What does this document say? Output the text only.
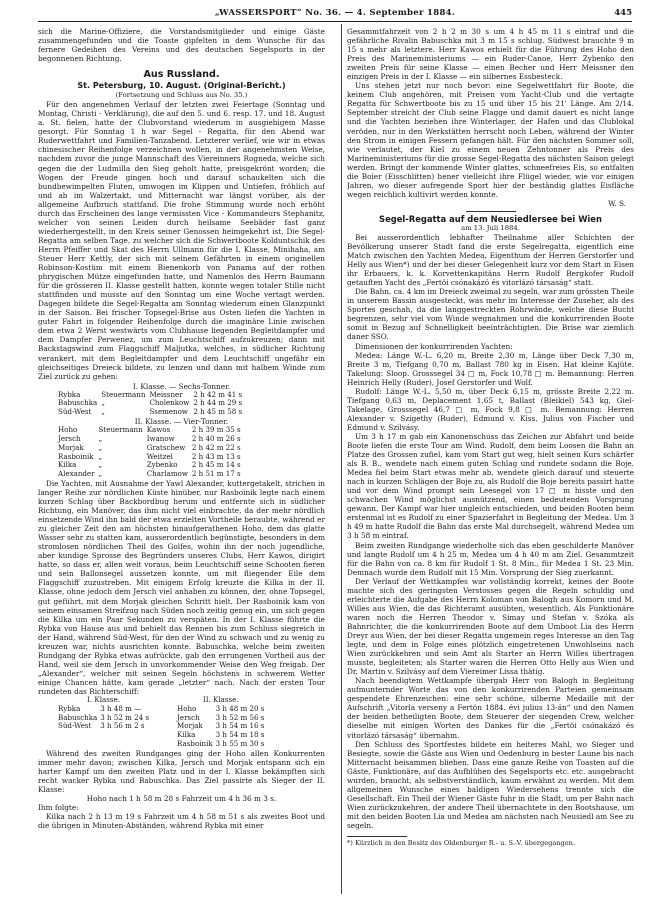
„WASSERSPORT“ No. 36. — 4. September 1884.	445

sich die Marine-Offiziere, die Vorstandsmitglieder und einige Gäste zusammengefunden und die Toaste gipfelten in dem Wunsche für das fernere Gedeihen des Vereins und des deutschen Segelsports in der begonnenen Richtung.

Aus Russland.
St. Petersburg, 10. August. (Original-Bericht.)
(Fortsetzung und Schluss aus No. 35.)

Für den angenehmen Verlauf der letzten zwei Feiertage (Sonntag und Montag, Christi - Verklärung), die auf den 5. und 6. resp. 17. und 18. August a. St. fielen, hatte der Clubvorstand wiederum in ausgiebigem Masse gesorgt. Für Sonntag 1 h war Segel - Regatta, für den Abend war Ruderwettfahrt und Familien-Tanzabend. Letzterer verlief, wie wir in etwas chinesischer Reihenfolge verzeichnen wollen, in der angenehmsten Weise, nachdem zuvor die junge Mannschaft des Viereinners Rogneda, welche sich gegen die der Ludmilla den Sieg geholt hatte, preisgekrönt worden; die Wogen der Freude gingen hoch und darauf schaukelten sich die bundbewimpelten Fluten, umwogen im Klippen und Untiefen, fröhlich auf und ab im Walzertakt, und Mitternacht war längst vorüber, als der allgemeine Aufbruch stattfand. Die frohe Stimmung wurde noch erhöht durch das Erscheinen des lange vermissten Vice - Kommandeurs Stephanitz, welcher von seinen Leiden durch heilsame Seebäder fast ganz wiederhergestellt, in den Kreis seiner Genossen heimgekehrt ist. Die Segel-Regatta am selben Tage, zu welcher sich die Schwertboote Kolduntschik des Herrn Pfeiffer und Skat des Herrn Ullmann für die I. Klasse, Minihaha, am Steuer Herr Kettly, der sich mit seinem Gefährten in einem originellen Robinson-Kostüm mit einem Bienenkorb von Panama auf der rothen phrygischen Mütze eingefunden hatte, und Namenlos des Herrn Baumann für die grösseren II. Klasse gestellt hatten, konnte wegen totaler Stille nicht stattfinden und musste auf den Sonntag um eine Woche vertagt werden. Dagegen bildete die Segel-Regatta am Sonntag wiederum einen Glanzpunkt in der Saison. Bei frischer Topsegel-Brise aus Osten liefen die Yachten in guter Fahrt in folgender Reihenfolge durch die imaginäre Linie zwischen dem etwa 2 Werst westwärts vom Clubhause liegenden Begleitdampfer und dem Dampfer Perwenez, um zum Leuchtschiff aufzukreuzen; dann mit Backstagswind zum Flaggschiff Maljutka, welches, in südlicher Richtung verankert, mit dem Begleitdampfer und dem Leuchtschiff ungefähr ein gleichseitiges Dreieck bildete, zu lenzen und dann mit halbem Winde zum Ziel zurück zu gehen:

I. Klasse. — Sechs-Tonner.
Rybka	Steuermann	Meissner	2 h 42 m 41 s
Babuschka	„	Cholenkow	2 h 44 m 29 s
Süd-West	„	Ssemenow	2 h 45 m 58 s
II. Klasse. — Vier-Tonner.
Hoho	Steuermann	Kawos	2 h 39 m 35 s
Jersch	„	Iwanow	2 h 40 m 26 s
Morjak	„	Gratschew	2 h 42 m 22 s
Rasboinik	„	Weitzel	2 h 43 m 13 s
Kilka	„	Zybenko	2 h 45 m 14 s
Alexander	„	Charlamow	2 h 51 m 17 s

Die Yachten, mit Ausnahme der Yawl Alexander, kuttergetakelt, strichen in langer Reihe zur nördlichen Küste hinüber, nur Rasboinik legte nach einem kurzen Schlag über Backbordbug herum und entfernte sich in südlicher Richtung, ein Manöver, das ihm nicht viel einbrachte, da der mehr nördlich einsetzende Wind ihn bald der etwa erzielten Vortheile beraubte, während er zu gleicher Zeit den am höchsten hinaufgerathenen Hoho, dem das glatte Wasser sehr zu statten kam, ausserordentlich begünstigte, besonders in dem stromlosen nördlichen Theil des Golfes, wohin ihn der noch jugendliche, aber kundige Sprosse des Begründers unseres Clubs, Herr Kawos, dirigirt hatte, so dass er, allen weit voraus, beim Leuchtschiff seine Schooten fieren und sein Ballonsegel aussetzen konnte, um mit fliegender Eile dem Flaggschiff zuzustreben. Mit einigem Erfolg kreuzte die Kilka in der II. Klasse, ohne jedoch dem Jersch viel anhaben zu können, der, ohne Topsegel, gut geführt, mit dem Morjak gleichen Schritt hielt. Der Rasboinik kam von seinem einsamen Streifzug nach Süden noch zeitig genug ein, um sich gegen die Kilka um ein Paar Sekunden zu verspäten. In der I. Klasse führte die Rybka von Hause aus und behielt das Rennen bis zum Schluss siegreich in der Hand, während Süd-West, für den der Wind zu schwach und zu wenig zu kreuzen war, nichts ausrichten konnte. Babuschka, welche beim zweiten Rundgang der Rybka etwas aufrückte, gab den errungenen Vortheil aus der Hand, weil sie dem Jersch in unvorkommender Weise den Weg freigab. Der „Alexander“, welcher mit seinen Segeln höchstens in schwerem Wetter einige Chancen hätte, kam gerade „letzter“ nach. Nach der ersten Tour rundeten das Richterschiff:

I. Klasse.			II. Klasse.	
Rybka	3 h 48 m —		Hoho	3 h 48 m 20 s
Babuschka	3 h 52 m 24 s		Jersch	3 h 52 m 56 s
Süd-West	3 h 56 m 2 s		Morjak	3 h 54 m 16 s
			Kilka	3 h 54 m 18 s
			Rasboinik	3 h 55 m 30 s

Während des zweiten Rundganges ging der Hoho allen Konkurrenten immer mehr davon; zwischen Kilka, Jersch und Morjak entspann sich ein harter Kampf um den zweiten Platz und in der I. Klasse bekämpften sich recht wacker Rybka und Babuschka. Das Ziel passirte als Sieger der II. Klasse:

Hoho nach 1 h 58 m 28 s Fahrzeit um 4 h 36 m 3 s.

Ihm folgte:

Kilka nach 2 h 13 m 19 s Fahrzeit um 4 h 58 m 51 s als zweites Boot und die übrigen in Minuten-Abständen, während Rybka mit einer

Gesammtfahrzeit von 2 h 2 m 30 s um 4 h 45 m 11 s eintraf und die gefährliche Rivalin Babuschka mit 3 m 15 s schlug. Südwest brauchte 9 m 15 s mehr als letztere. Herr Kawos erhielt für die Führung des Hoho den Preis des Marineministeriums — ein Ruder-Canoe, Herr Zybenko den zweiten Preis für seine Klasse — einen Becher und Herr Meissner den einzigen Preis in der I. Klasse — ein silbernes Essbesteck.

Uns stehen jetzt nur noch bevor: eine Segelwettfahrt für Boote, die keinem Club angehören, mit Preisen vom Yacht-Club und die vertagte Regatta für Schwertboote bis zu 15 und über 15 bis 21' Länge. Am 2/14. September streicht der Club seine Flagge und damit dauert es nicht lange und die Yachten beziehen ihre Winterlager, der Hafen und das Clublokal veröden, nur in den Werkstätten herrscht noch Leben, während der Winter den Strom in einigen Fessern gefangen hält. Für den nächsten Sommer soll, wie verlautet, der Kiel zu einem neuen Zehntonner als Preis des Marineministeriums für die grosse Segel-Regatta des nächsten Saison gelegt werden. Bringt der kommende Winter glattes, schneefreies Eis, so entfalten die Boier (Eisschlitten) hener vielleicht ihre Flügel wieder, wie vor einigen Jahren, wo dieser aufregende Sport hier der beständig glattes Eisfläche wegen reichlich kultivirt werden konnte.

W. S.
Segel-Regatta auf dem Neusiedlersee bei Wien
am 13. Juli 1884.

Bei ausserordentlich lebhafter Theilnahme aller Schichten der Bevölkerung unserer Stadt fand die erste Segelregatta, eigentlich eine Match zwischen den Yachten Medea, Eigenthum der Herren Gerstorfer und Helly aus Wien*) und der bei dieser Gelegenheit kurz vor dem Start in Eisen ihr Erbauers, k. k. Korvettenkapitäns Herrn Rudolf Bergkofer Rudolf getauften Yacht des „Fertöi csónakázó és vitorlázó társaság“ statt.

Die Bahn, ca. 4 km im Dreieck zweimal zu segeln, war zum grössten Theile in unserem Bassin ausgesteckt, was mehr im Interesse der Zuseher, als des Sportes geschah, da die langgestreckten Rohrwände, welche diese Bucht begrenzen, sehr viel vom Winde wegnahmen und die konkurrirenden Boote somit in Bezug auf Schnelligkeit beeinträchtigten. Die Brise war ziemlich daner SSO.

Dimensionen der konkurrirenden Yachten:

Medea: Länge W.-L. 6,20 m, Breite 2,30 m, Länge über Deck 7,30 m, Breite 3 m, Tiefgang 0,70 m, Ballast 780 kg in Eisen. Hat kleine Kajüte. Takelung: Sloop. Grosssegel 34 □ m, Fock 10,78 □ m. Bemannung: Herren Heinrich Helly (Ruder), Josef Gerstorfer und Wolf.

Rudolf: Länge W.-L. 5,50 m, über Deck 6,15 m, grösste Breite 2,22 m. Tiefgang 0,63 m, Deplacement 1,65 t, Ballast (Bleikiel) 543 kg, Giel-Takelage, Grosssegel 46,7 □ m, Fock 9,8 □ m. Bemannung: Herren Alexander v. Szigethy (Ruder), Edmund v. Kiss, Julius von Fischer und Edmund v. Szilvásy.

Um 3 h 17 m gab ein Kanonenschuss das Zeichen zur Abfahrt und beide Boote liefen die erste Tour am Wind. Rudolf, dem beim Loosen die Bahn an Platze des Grossen zufiel, kam vom Start gut weg, hielt seinen Kurs schärfer als B. B., wendete nach einem guten Schlag und rundete sodann die Boje. Medea fiel beim Start etwas mehr ab, wendete gleich darauf und steuerte nach in kurzen Schlägen der Boje zu, als Rudolf die Boje bereits passirt hatte und vor dem Wind prompt sein Leesegel von 17 □ m hisste und den schwachen Wind möglichst ausnützend, einen bedeutenden Vorsprung gewann. Der Kampf war hier ungleich entschieden, und beiden Booten beim erstenmal ist es Rudolf zu einer Spazierfahrt in Begleitung der Medea. Um 3 h 49 m hatte Rudolf die Bahn das erste Mal durchsegelt, während Medea um 3 h 58 m eintraf.

Beim zweiten Rundgange wiederholte sich das eben geschilderte Manöver und langte Rudolf um 4 h 25 m, Medea um 4 h 40 m am Ziel. Gesammtzeit für die Bahn von ca. 8 km für Rudolf 1 St. 8 Min., für Medea 1 St. 23 Min. Demnach wurde dem Rudolf mit 15 Min. Vorsprung der Sieg zuerkannt.

Der Verlauf der Wettkampfes war vollständig korrekt, keines der Boote machte sich des geringsten Verstosses gegen die Regeln schuldig und erleichterte die Aufgabe des Herrn Koloman von Balogh aus Komorn und M. Willes aus Wien, die das Richteramt ausübten, wesentlich. Als Funktionäre waren noch die Herren Theodor v. Simay und Stefan v. Szóka als Bahnrichter, die die konkurrirenden Boote auf dem Umboot Lia des Herrn Dreyr aus Wien, der bei dieser Regatta ungemein reges Interesse an den Tag legte, und dem in Folge eines plötzlich eingetretenen Unwohlseins nach Wien zurückkehren und sein Amt als Starter an Herrn Willes übertragen musste, begleiteten; als Starter waren die Herren Otto Helly aus Wien und Dr. Martin v. Szilvásy auf dem Viereimer Lissa thätig.

Nach beendigtem Wettkampfe übergab Herr von Balogh in Begleitung aufmunternder Worte das von den konkurrirenden Parteien gemeinsam gespendete Ehrenzeichen: eine sehr schöne, silberne Medaille mit der Aufschrift „Vitorla verseny a Fertön 1884. évi julius 13-án“ und den Namen der beiden betheiligten Boote, dem Steuerer der siegenden Crew, welcher dieselbe mit einigen Worten des Dankes für die „Fertöi csónakázó és vitorlázó társaság“ übernahm.

Den Schluss des Sportfestes bildete ein heiteres Mahl, wo Sieger und Besiegte, sowie die Gäste aus Wien und Oedenburg in bester Laune bis nach Mitternacht beisammen blieben. Dass eine ganze Reihe von Toasten auf die Gäste, Funktionäre, auf das Aufblühen des Segelsports etc. etc. ausgebracht wurden, braucht, als selbstverständlich, kaum erwähnt zu werden. Mit dem allgemeinen Wunsche eines baldigen Wiedersehens trennte sich die Gesellschaft. Ein Theil der Wiener Gäste fuhr in die Stadt, um per Bahn nach Wien zurückzukehren, der andere Theil übernachtete in den Bootshause, um mit den beiden Booten Lia und Medea am nächsten nach Neusiedl am See zu segeln.

*) Kürzlich in den Besitz des Oldenburger R.- u. S.-V. übergegangen.
